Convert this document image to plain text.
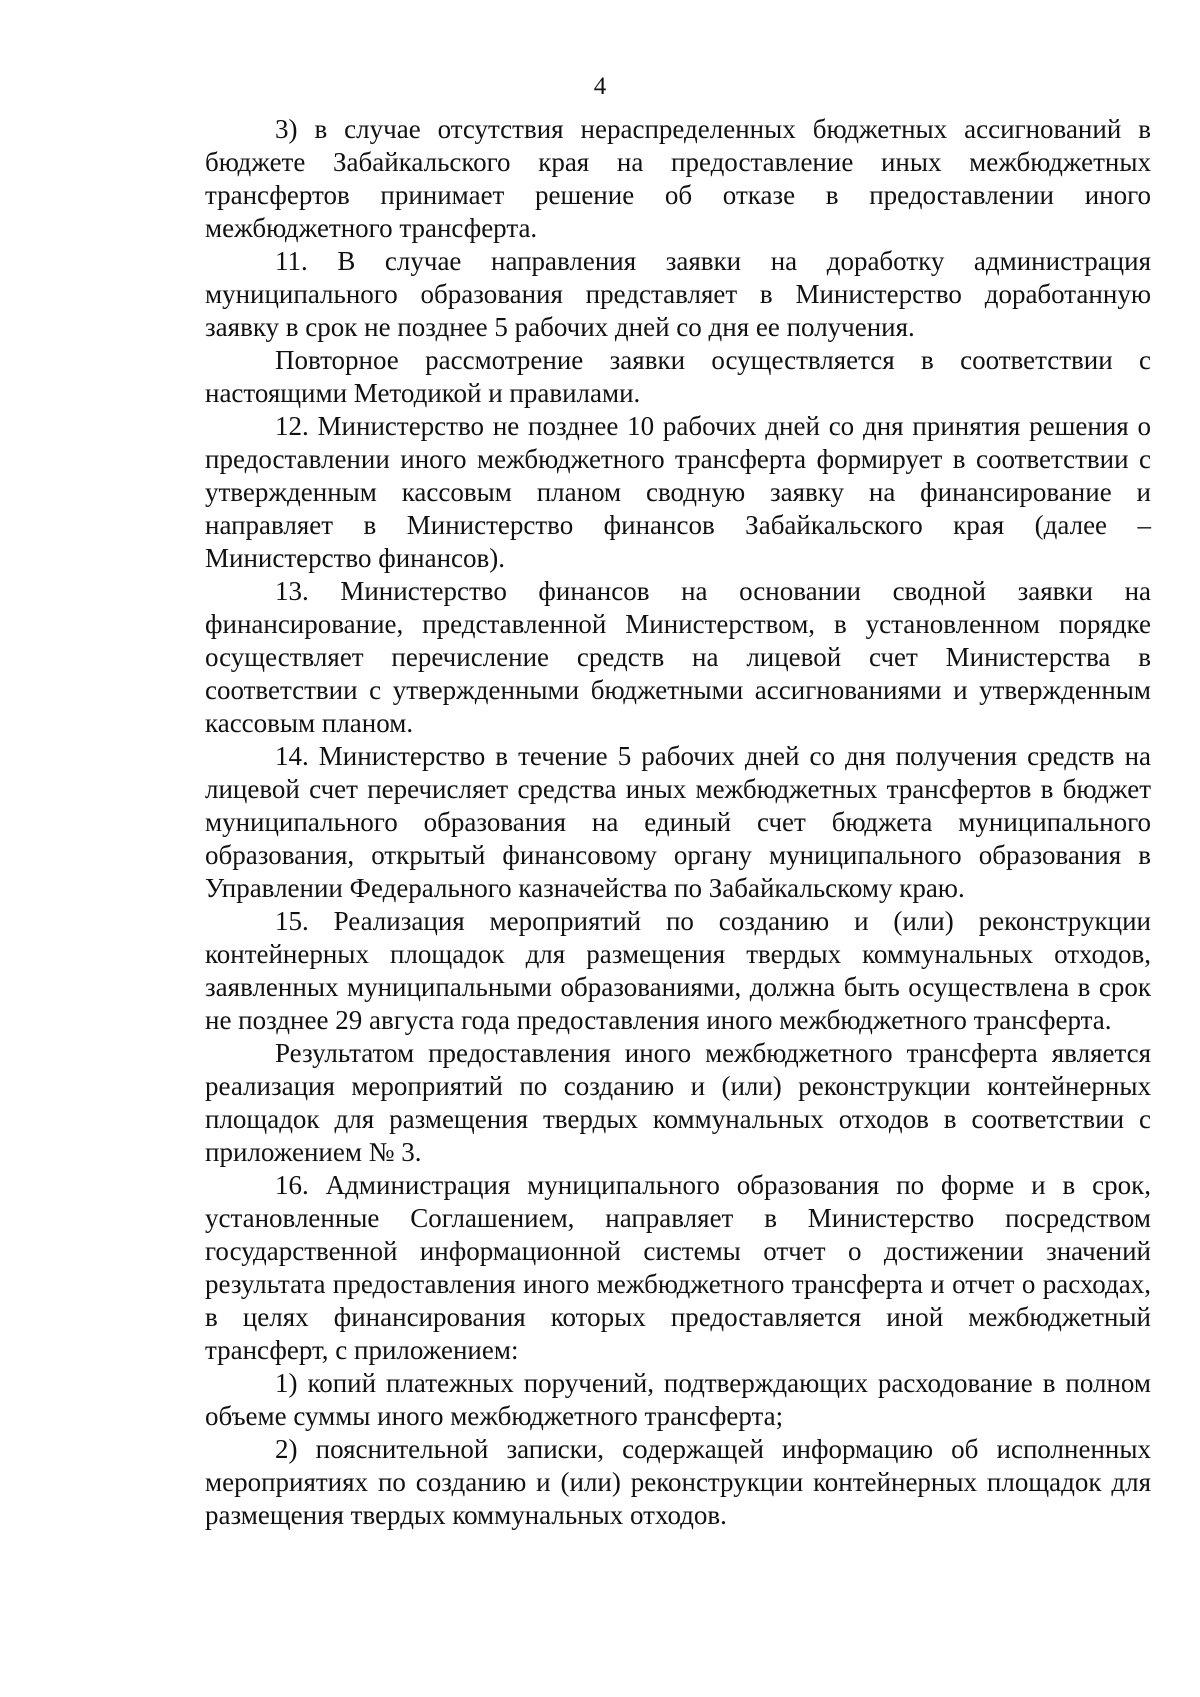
4

3) в случае отсутствия нераспределенных бюджетных ассигнований в бюджете Забайкальского края на предоставление иных межбюджетных трансфертов принимает решение об отказе в предоставлении иного межбюджетного трансферта.

11. В случае направления заявки на доработку администрация муниципального образования представляет в Министерство доработанную заявку в срок не позднее 5 рабочих дней со дня ее получения.

Повторное рассмотрение заявки осуществляется в соответствии с настоящими Методикой и правилами.

12. Министерство не позднее 10 рабочих дней со дня принятия решения о предоставлении иного межбюджетного трансферта формирует в соответствии с утвержденным кассовым планом сводную заявку на финансирование и направляет в Министерство финансов Забайкальского края (далее – Министерство финансов).

13. Министерство финансов на основании сводной заявки на финансирование, представленной Министерством, в установленном порядке осуществляет перечисление средств на лицевой счет Министерства в соответствии с утвержденными бюджетными ассигнованиями и утвержденным кассовым планом.

14. Министерство в течение 5 рабочих дней со дня получения средств на лицевой счет перечисляет средства иных межбюджетных трансфертов в бюджет муниципального образования на единый счет бюджета муниципального образования, открытый финансовому органу муниципального образования в Управлении Федерального казначейства по Забайкальскому краю.

15. Реализация мероприятий по созданию и (или) реконструкции контейнерных площадок для размещения твердых коммунальных отходов, заявленных муниципальными образованиями, должна быть осуществлена в срок не позднее 29 августа года предоставления иного межбюджетного трансферта.

Результатом предоставления иного межбюджетного трансферта является реализация мероприятий по созданию и (или) реконструкции контейнерных площадок для размещения твердых коммунальных отходов в соответствии с приложением № 3.

16. Администрация муниципального образования по форме и в срок, установленные Соглашением, направляет в Министерство посредством государственной информационной системы отчет о достижении значений результата предоставления иного межбюджетного трансферта и отчет о расходах, в целях финансирования которых предоставляется иной межбюджетный трансферт, с приложением:

1) копий платежных поручений, подтверждающих расходование в полном объеме суммы иного межбюджетного трансферта;

2) пояснительной записки, содержащей информацию об исполненных мероприятиях по созданию и (или) реконструкции контейнерных площадок для размещения твердых коммунальных отходов.
